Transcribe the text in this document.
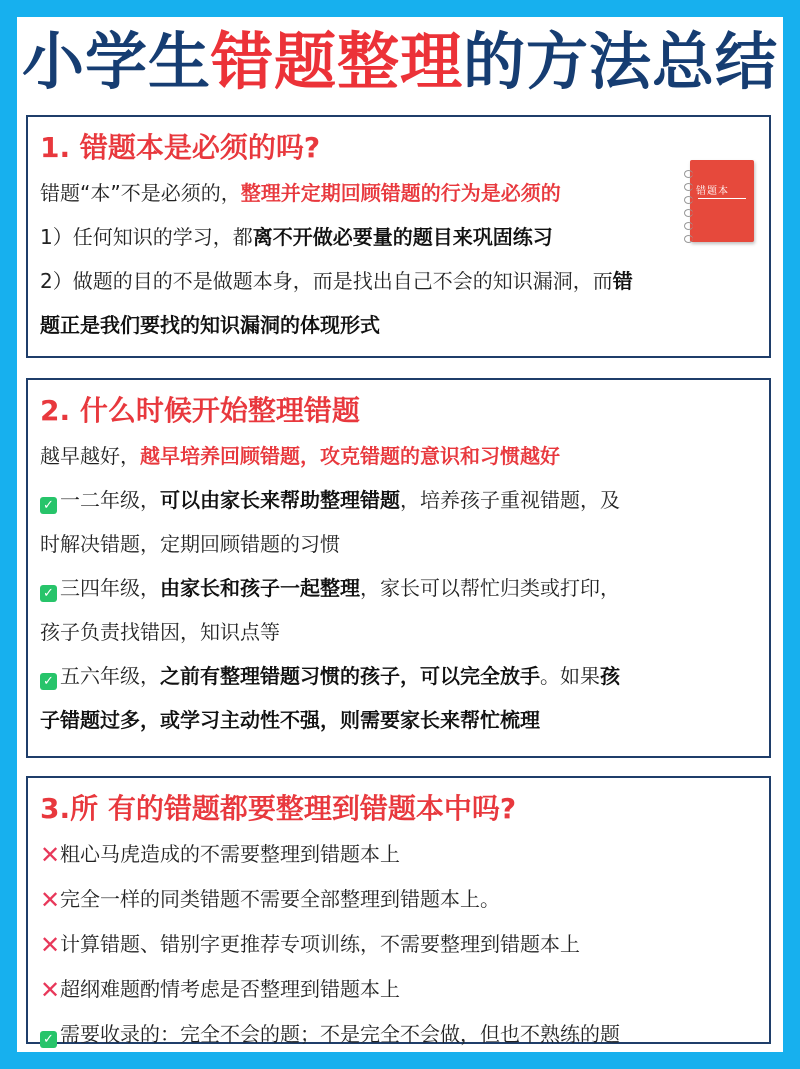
小学生错题整理的方法总结
1. 错题本是必须的吗?
错题“本”不是必须的，整理并定期回顾错题的行为是必须的
1）任何知识的学习，都离不开做必要量的题目来巩固练习
2）做题的目的不是做题本身，而是找出自己不会的知识漏洞，而错
题正是我们要找的知识漏洞的体现形式
错题本
2. 什么时候开始整理错题
越早越好，越早培养回顾错题，攻克错题的意识和习惯越好
✓ 一二年级，可以由家长来帮助整理错题，培养孩子重视错题，及
时解决错题，定期回顾错题的习惯
✓ 三四年级，由家长和孩子一起整理，家长可以帮忙归类或打印，
孩子负责找错因，知识点等
✓ 五六年级，之前有整理错题习惯的孩子，可以完全放手。如果孩
子错题过多，或学习主动性不强，则需要家长来帮忙梳理
3.所 有的错题都要整理到错题本中吗?
✕粗心马虎造成的不需要整理到错题本上
✕完全一样的同类错题不需要全部整理到错题本上。
✕计算错题、错别字更推荐专项训练，不需要整理到错题本上
✕超纲难题酌情考虑是否整理到错题本上
✓ 需要收录的：完全不会的题；不是完全不会做，但也不熟练的题
